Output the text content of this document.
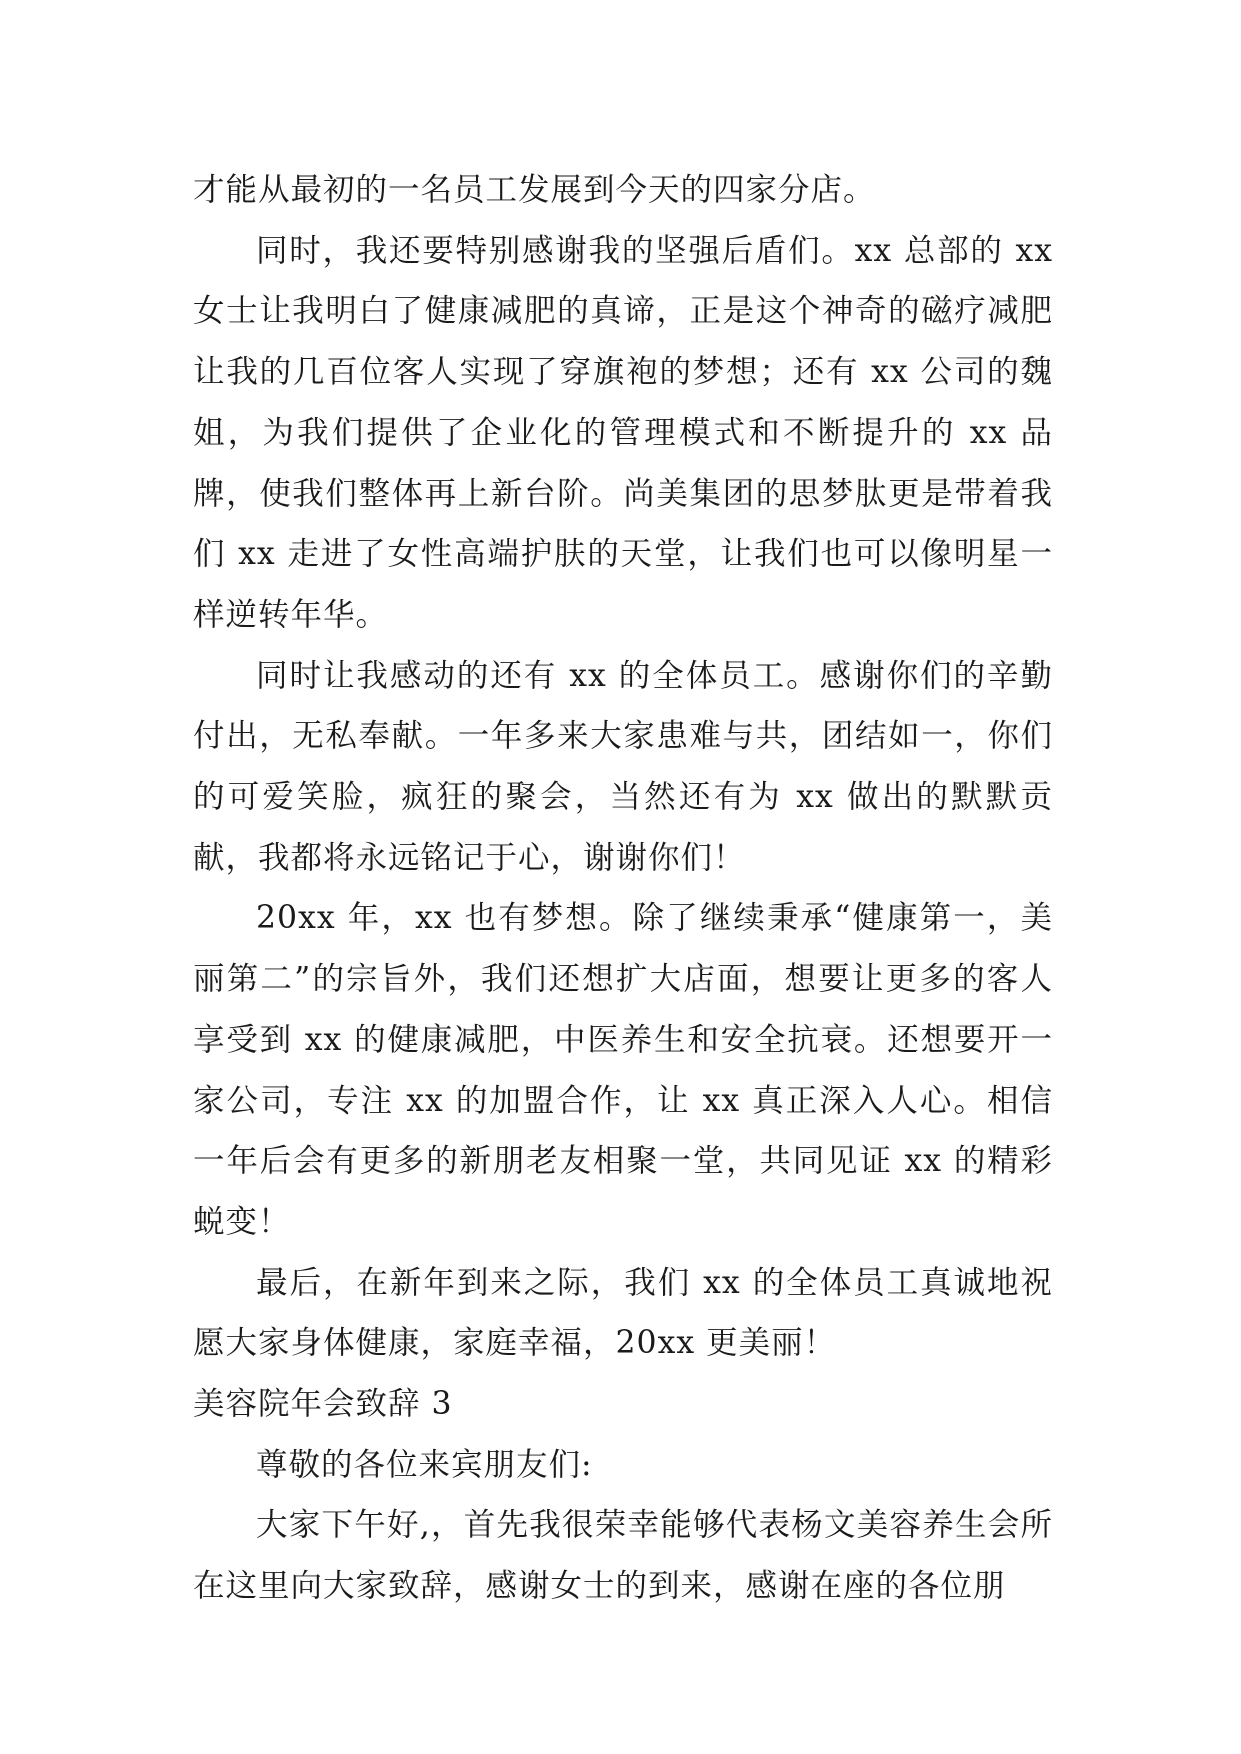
才能从最初的一名员工发展到今天的四家分店。

同时，我还要特别感谢我的坚强后盾们。xx 总部的 xx 女士让我明白了健康减肥的真谛，正是这个神奇的磁疗减肥让我的几百位客人实现了穿旗袍的梦想；还有 xx 公司的魏姐，为我们提供了企业化的管理模式和不断提升的 xx 品牌，使我们整体再上新台阶。尚美集团的思梦肽更是带着我们 xx 走进了女性高端护肤的天堂，让我们也可以像明星一样逆转年华。

同时让我感动的还有 xx 的全体员工。感谢你们的辛勤付出，无私奉献。一年多来大家患难与共，团结如一，你们的可爱笑脸，疯狂的聚会，当然还有为 xx 做出的默默贡献，我都将永远铭记于心，谢谢你们！

20xx 年，xx 也有梦想。除了继续秉承“健康第一，美丽第二”的宗旨外，我们还想扩大店面，想要让更多的客人享受到 xx 的健康减肥，中医养生和安全抗衰。还想要开一家公司，专注 xx 的加盟合作，让 xx 真正深入人心。相信一年后会有更多的新朋老友相聚一堂，共同见证 xx 的精彩蜕变！

最后，在新年到来之际，我们 xx 的全体员工真诚地祝愿大家身体健康，家庭幸福，20xx 更美丽！

美容院年会致辞 3

尊敬的各位来宾朋友们:

大家下午好,，首先我很荣幸能够代表杨文美容养生会所在这里向大家致辞，感谢女士的到来，感谢在座的各位朋
